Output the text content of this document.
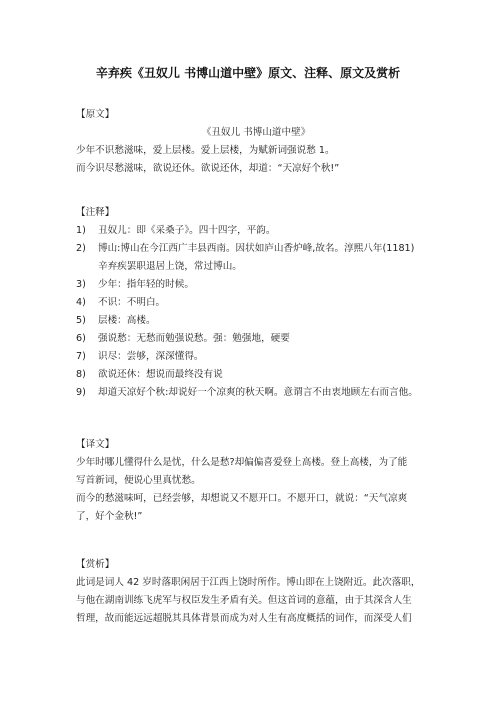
辛弃疾《丑奴儿 书博山道中壁》原文、注释、原文及赏析
【原文】
《丑奴儿 书博山道中壁》
少年不识愁滋味，爱上层楼。爱上层楼，为赋新词强说愁 1。
而今识尽愁滋味，欲说还休。欲说还休，却道：“天凉好个秋!”
【注释】
1) 丑奴儿：即《采桑子》。四十四字，平韵。
2) 博山:博山在今江西广丰县西南。因状如庐山香炉峰,故名。淳熙八年(1181)
辛弃疾罢职退居上饶，常过博山。
3) 少年：指年轻的时候。
4) 不识：不明白。
5) 层楼：高楼。
6) 强说愁：无愁而勉强说愁。强：勉强地，硬要
7) 识尽：尝够，深深懂得。
8) 欲说还休：想说而最终没有说
9) 却道天凉好个秋:却说好一个凉爽的秋天啊。意谓言不由衷地顾左右而言他。
【译文】
少年时哪儿懂得什么是忧，什么是愁?却偏偏喜爱登上高楼。登上高楼，为了能
写首新词，便说心里真忧愁。
而今的愁滋味呵，已经尝够，却想说又不愿开口。不愿开口，就说：“天气凉爽
了，好个金秋!”
【赏析】
此词是词人 42 岁时落职闲居于江西上饶时所作。博山即在上饶附近。此次落职，
与他在湖南训练飞虎军与权臣发生矛盾有关。但这首词的意蕴，由于其深含人生
哲理，故而能远远超脱其具体背景而成为对人生有高度概括的词作，而深受人们
